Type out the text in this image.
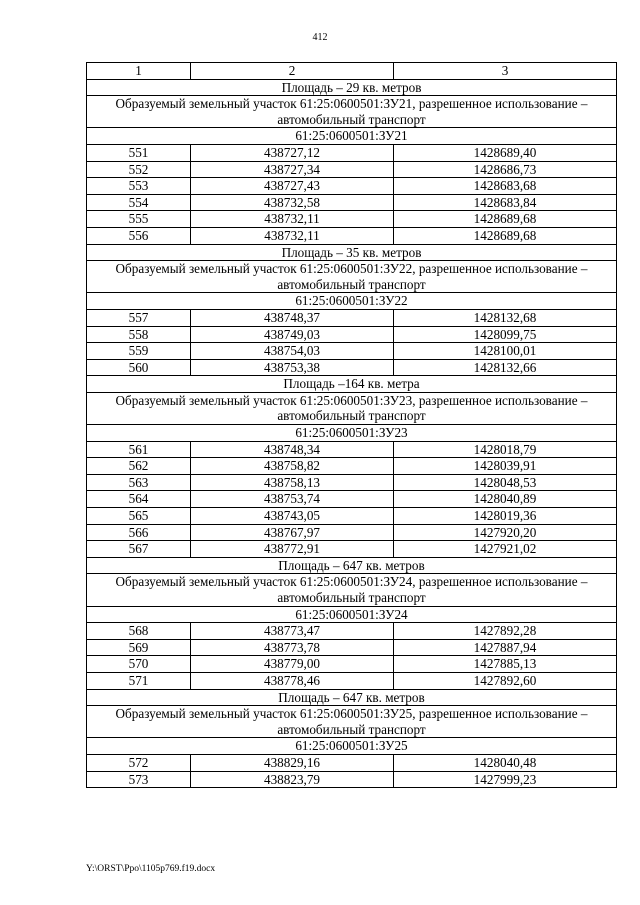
412
1	2	3
Площадь – 29 кв. метров		
Образуемый земельный участок 61:25:0600501:ЗУ21, разрешенное использование – автомобильный транспорт		
61:25:0600501:ЗУ21		
551	438727,12	1428689,40
552	438727,34	1428686,73
553	438727,43	1428683,68
554	438732,58	1428683,84
555	438732,11	1428689,68
556	438732,11	1428689,68
Площадь – 35 кв. метров		
Образуемый земельный участок 61:25:0600501:ЗУ22, разрешенное использование – автомобильный транспорт		
61:25:0600501:ЗУ22		
557	438748,37	1428132,68
558	438749,03	1428099,75
559	438754,03	1428100,01
560	438753,38	1428132,66
Площадь –164 кв. метра		
Образуемый земельный участок 61:25:0600501:ЗУ23, разрешенное использование – автомобильный транспорт		
61:25:0600501:ЗУ23		
561	438748,34	1428018,79
562	438758,82	1428039,91
563	438758,13	1428048,53
564	438753,74	1428040,89
565	438743,05	1428019,36
566	438767,97	1427920,20
567	438772,91	1427921,02
Площадь – 647 кв. метров		
Образуемый земельный участок 61:25:0600501:ЗУ24, разрешенное использование – автомобильный транспорт		
61:25:0600501:ЗУ24		
568	438773,47	1427892,28
569	438773,78	1427887,94
570	438779,00	1427885,13
571	438778,46	1427892,60
Площадь – 647 кв. метров		
Образуемый земельный участок 61:25:0600501:ЗУ25, разрешенное использование – автомобильный транспорт		
61:25:0600501:ЗУ25		
572	438829,16	1428040,48
573	438823,79	1427999,23
Y:\ORST\Ppo\1105p769.f19.docx
